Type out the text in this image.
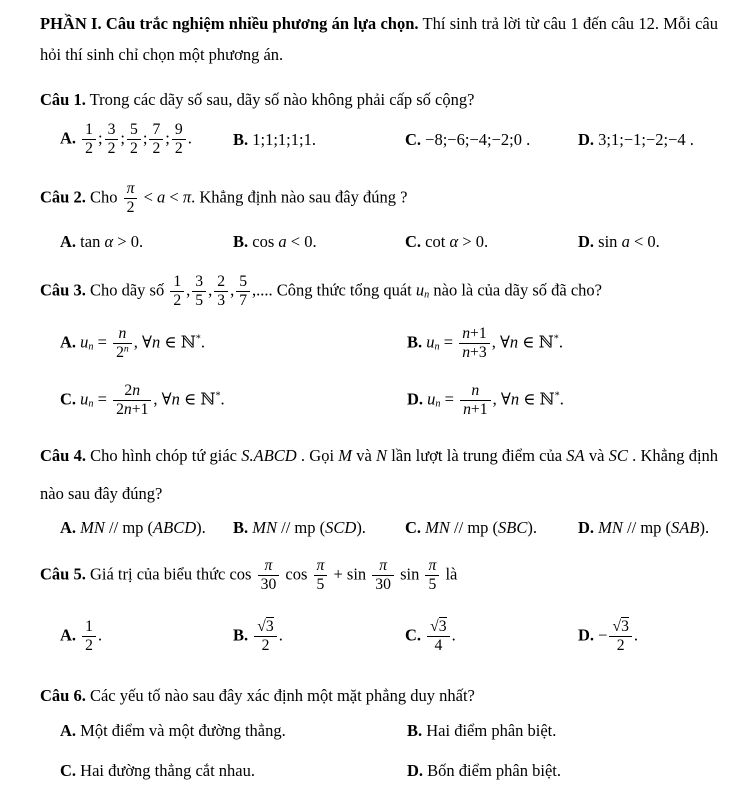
PHẦN I. Câu trắc nghiệm nhiều phương án lựa chọn. Thí sinh trả lời từ câu 1 đến câu 12. Mỗi câu hỏi thí sinh chỉ chọn một phương án.

Câu 1. Trong các dãy số sau, dãy số nào không phải cấp số cộng?

A. $\frac{1}{2}$ ; $\frac{3}{2}$ ; $\frac{5}{2}$ ; $\frac{7}{2}$ ; $\frac{9}{2}$ .	B. 1;1;1;1;1.	C. −8;−6;−4;−2;0 .	D. 3;1;−1;−2;−4 .

Câu 2. Cho $\frac{\pi}{2} < a < \pi$. Khẳng định nào sau đây đúng ?

A. tan α > 0.	B. cos a < 0.	C. cot α > 0.	D. sin a < 0.

Câu 3. Cho dãy số $\frac{1}{2}$ , $\frac{3}{5}$ , $\frac{2}{3}$ , $\frac{5}{7}$ ,.... Công thức tổng quát $u_n$ nào là của dãy số đã cho?

A. $u_n = \frac{n}{2^n}$ , ∀n ∈ ℕ*.	B. $u_n = \frac{n+1}{n+3}$ , ∀n ∈ ℕ*.
C. $u_n = \frac{2n}{2n+1}$ , ∀n ∈ ℕ*.	D. $u_n = \frac{n}{n+1}$ , ∀n ∈ ℕ*.

Câu 4. Cho hình chóp tứ giác S.ABCD . Gọi M và N lần lượt là trung điểm của SA và SC . Khẳng định nào sau đây đúng?

A. MN // mp (ABCD).	B. MN // mp (SCD).	C. MN // mp (SBC).	D. MN // mp (SAB).

Câu 5. Giá trị của biểu thức $\cos \frac{\pi}{30}$ $\cos \frac{\pi}{5} + \sin \frac{\pi}{30}$ $\sin \frac{\pi}{5}$ là

A. $\frac{1}{2}$ .	B. $\frac{√3}{2}$ .	C. $\frac{√3}{4}$ .	D. − $\frac{√3}{2}$ .

Câu 6. Các yếu tố nào sau đây xác định một mặt phẳng duy nhất?

A. Một điểm và một đường thẳng.	B. Hai điểm phân biệt.
C. Hai đường thẳng cắt nhau.	D. Bốn điểm phân biệt.
